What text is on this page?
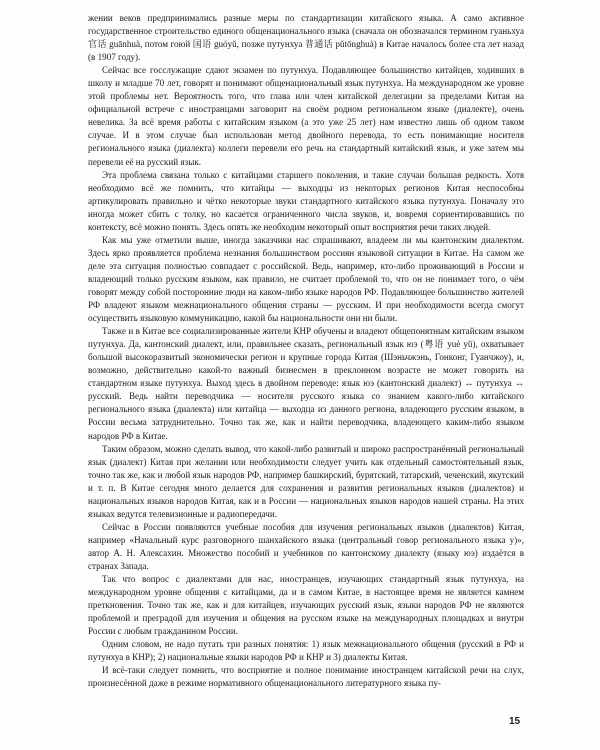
жении веков предпринимались разные меры по стандартизации китайского языка. А само активное государственное строительство единого общенационального языка (сначала он обозначался термином гуаньхуа 官话 guānhuà, потом гоюй 国语 guóyǔ, позже путунхуа 普通话 pǔtōnghuà) в Китае началось более ста лет назад (в 1907 году).

Сейчас все госслужащие сдают экзамен по путунхуа. Подавляющее большинство китайцев, ходивших в школу и младше 70 лет, говорят и понимают общенациональный язык путунхуа. На международном же уровне этой проблемы нет. Вероятность того, что глава или член китайской делегации за пределами Китая на официальной встрече с иностранцами заговорит на своём родном региональном языке (диалекте), очень невелика. За всё время работы с китайским языком (а это уже 25 лет) нам известно лишь об одном таком случае. И в этом случае был использован метод двойного перевода, то есть понимающие носителя регионального языка (диалекта) коллеги перевели его речь на стандартный китайский язык, и уже затем мы перевели её на русский язык.

Эта проблема связана только с китайцами старшего поколения, и такие случаи большая редкость. Хотя необходимо всё же помнить, что китайцы — выходцы из некоторых регионов Китая неспособны артикулировать правильно и чётко некоторые звуки стандартного китайского языка путунхуа. Поначалу это иногда может сбить с толку, но касается ограниченного числа звуков, и, вовремя сориентировавшись по контексту, всё можно понять. Здесь опять же необходим некоторый опыт восприятия речи таких людей.

Как мы уже отметили выше, иногда заказчики нас спрашивают, владеем ли мы кантонским диалектом. Здесь ярко проявляется проблема незнания большинством россиян языковой ситуации в Китае. На самом же деле эта ситуация полностью совпадает с российской. Ведь, например, кто-либо проживающий в России и владеющий только русским языком, как правило, не считает проблемой то, что он не понимает того, о чём говорят между собой посторонние люди на каком-либо языке народов РФ. Подавляющее большинство жителей РФ владеют языком межнационального общения страны — русским. И при необходимости всегда смогут осуществить языковую коммуникацию, какой бы национальности они ни были.

Также и в Китае все социализированные жители КНР обучены и владеют общепонятным китайским языком путунхуа. Да, кантонский диалект, или, правильнее сказать, региональный язык юэ (粤语 yuè yǔ), охватывает большой высокоразвитый экономически регион и крупные города Китая (Шэньчжэнь, Гонконг, Гуанчжоу), и, возможно, действительно какой-то важный бизнесмен в преклонном возрасте не может говорить на стандартном языке путунхуа. Выход здесь в двойном переводе: язык юэ (кантонский диалект) ↔ путунхуа ↔ русский. Ведь найти переводчика — носителя русского языка со знанием какого-либо китайского регионального языка (диалекта) или китайца — выходца из данного региона, владеющего русским языком, в России весьма затруднительно. Точно так же, как и найти переводчика, владеющего каким-либо языком народов РФ в Китае.

Таким образом, можно сделать вывод, что какой-либо развитый и широко распространённый региональный язык (диалект) Китая при желании или необходимости следует учить как отдельный самостоятельный язык, точно так же, как и любой язык народов РФ, например башкирский, бурятский, татарский, чеченский, якутский и т. п. В Китае сегодня много делается для сохранения и развития региональных языков (диалектов) и национальных языков народов Китая, как и в России — национальных языков народов нашей страны. На этих языках ведутся телевизионные и радиопередачи.

Сейчас в России появляются учебные пособия для изучения региональных языков (диалектов) Китая, например «Начальный курс разговорного шанхайского языка (центральный говор регионального языка у)», автор А. Н. Алексахин. Множество пособий и учебников по кантонскому диалекту (языку юэ) издаётся в странах Запада.

Так что вопрос с диалектами для нас, иностранцев, изучающих стандартный язык путунхуа, на международном уровне общения с китайцами, да и в самом Китае, в настоящее время не является камнем преткновения. Точно так же, как и для китайцев, изучающих русский язык, языки народов РФ не являются проблемой и преградой для изучения и общения на русском языке на международных площадках и внутри России с любым гражданином России.

Одним словом, не надо путать три разных понятия: 1) язык межнационального общения (русский в РФ и путунхуа в КНР); 2) национальные языки народов РФ и КНР и 3) диалекты Китая.

И всё-таки следует помнить, что восприятие и полное понимание иностранцем китайской речи на слух, произнесённой даже в режиме нормативного общенационального литературного языка пу-

15
